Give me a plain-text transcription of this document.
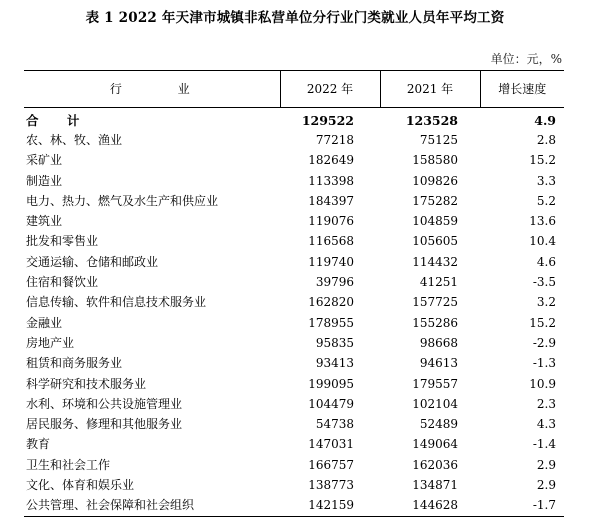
表 1 2022 年天津市城镇非私营单位分行业门类就业人员年平均工资
单位：元，%
行 业	2022 年	2021 年	增长速度
合 计	129522	123528	4.9
农、林、牧、渔业	77218	75125	2.8
采矿业	182649	158580	15.2
制造业	113398	109826	3.3
电力、热力、燃气及水生产和供应业	184397	175282	5.2
建筑业	119076	104859	13.6
批发和零售业	116568	105605	10.4
交通运输、仓储和邮政业	119740	114432	4.6
住宿和餐饮业	39796	41251	-3.5
信息传输、软件和信息技术服务业	162820	157725	3.2
金融业	178955	155286	15.2
房地产业	95835	98668	-2.9
租赁和商务服务业	93413	94613	-1.3
科学研究和技术服务业	199095	179557	10.9
水利、环境和公共设施管理业	104479	102104	2.3
居民服务、修理和其他服务业	54738	52489	4.3
教育	147031	149064	-1.4
卫生和社会工作	166757	162036	2.9
文化、体育和娱乐业	138773	134871	2.9
公共管理、社会保障和社会组织	142159	144628	-1.7
